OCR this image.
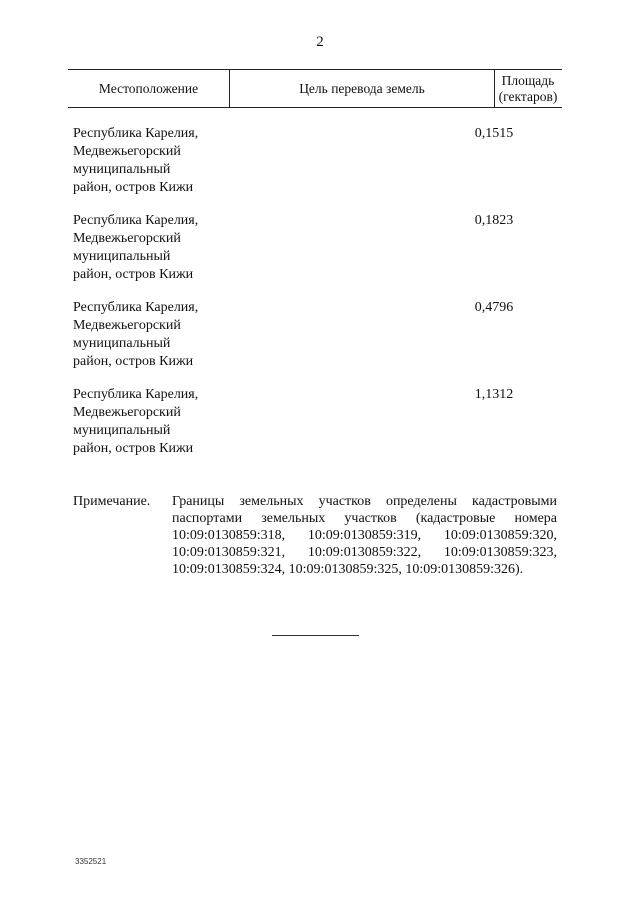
2
Местоположение	Цель перевода земель
Площадь
(гектаров)
Республика Карелия,
Медвежьегорский
муниципальный
район, остров Кижи
0,1515
Республика Карелия,
Медвежьегорский
муниципальный
район, остров Кижи
0,1823
Республика Карелия,
Медвежьегорский
муниципальный
район, остров Кижи
0,4796
Республика Карелия,
Медвежьегорский
муниципальный
район, остров Кижи
1,1312
Примечание. Границы земельных участков определены кадастровыми паспортами земельных участков (кадастровые номера 10:09:0130859:318, 10:09:0130859:319, 10:09:0130859:320, 10:09:0130859:321, 10:09:0130859:322, 10:09:0130859:323, 10:09:0130859:324, 10:09:0130859:325, 10:09:0130859:326).
3352521
